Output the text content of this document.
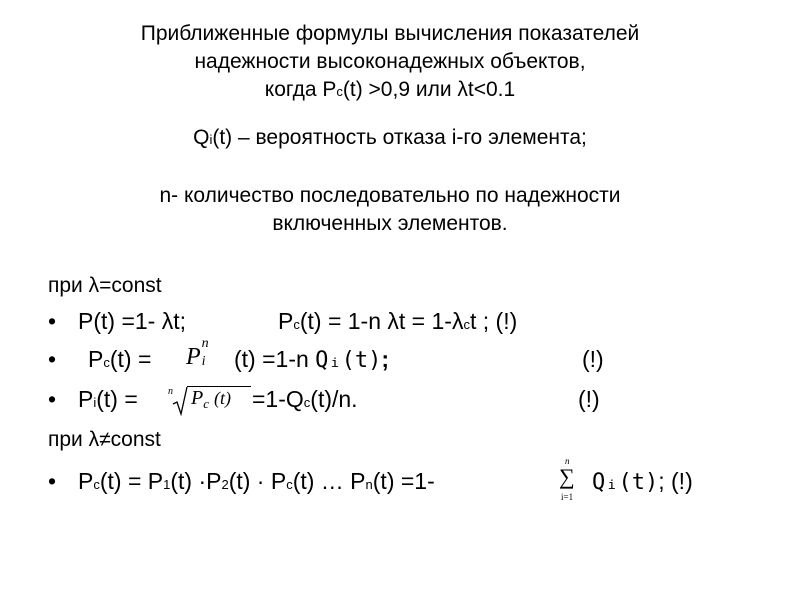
Приближенные формулы вычисления показателей
надежности высоконадежных объектов,
когда Pc(t) >0,9 или λt<0.1

Qi(t) – вероятность отказа i-го элемента;

n- количество последовательно по надежности

включенных элементов.

при λ=const
• P(t) =1- λt;	Pc(t) = 1-n λt = 1-λct ; (!)
• Pc(t) = P
n
i (t) =1-n Qᵢ(t);	(!)
• Pi(t) =	n $P_c$ (t) =1-Qc(t)/n.	(!)
при λ≠const
• Pc(t) = P1(t) ·P2(t) · Pc(t) … Pn(t) =1-
n
∑
i=1
Qᵢ(t); (!)
